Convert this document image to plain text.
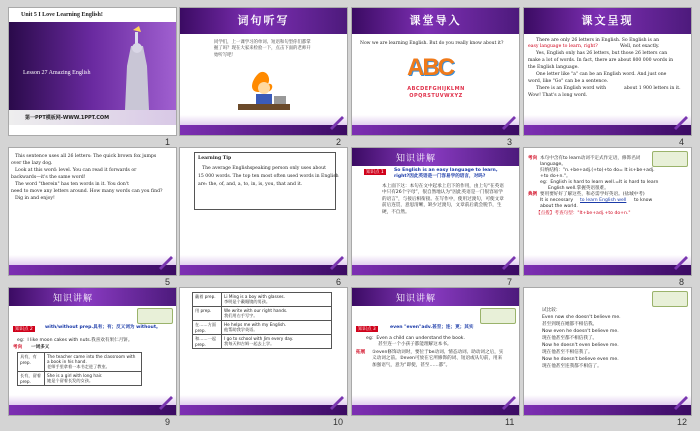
Unit 5 I Love Learning English!
Lesson 27 Amazing English
第一PPT模板网-WWW.1PPT.COM
1
词句听写
同学们，上一课学习的单词、短语和句型你们都掌握了吗？现在大家来检验一下，点击下面的老师开始听写吧！
2
课堂导入
Now we are learning English. But do you really know about it?
ABC
ABCDEFGHIJKLMN OPQRSTUVWXYZ
3
课文呈现
There are only 26 letters in English. So English is an
easy language to learn, right?	Well, not exactly.
Yes, English only has 26 letters, but those 26 letters can
make a lot of words. In fact, there are about 800 000 words in
the English language.
One letter like "a" can be an English word. And just one
word, like "Go" can be a sentence.
There is an English word with	about 1 900 letters in it.
Wow! That's a long word.
4
This sentence uses all 26 letters: The quick brown fox jumps
over the lazy dog.
Look at this word: level. You can read it forwards or
backwards—it's the same word!
The word "therein" has ten words in it. You don't
need to move any letters around. How many words can you find?
Dig in and enjoy!
5
Learning Tip
The average Englishspeaking person only uses about
15 000 words. The top ten most often used words in English
are: the, of, and, a, to, in, is, you, that and it.
6
知识讲解
知识点 1	So English is an easy language to learn, right?因此英语是一门容易学的语言，对吗?
本上面下这：本句在文中起承上启下的作用，由上句“在英语中只有26个字母”，很自然地认为“因此英语是一门很容易学的语言”，与接后相衔接。在写作中，使用过渡句，可使文章前后连贯，意思清晰，缺少过渡句，文章前后就会脱节，生硬，不自然。
7
考向 本句中含有to learn动词不定式作定语，修饰名词
language。
归纳结构："n.+be+adj.(+to)+to do= It is+be+adj.
+to do+n."。
eg：English is hard to learn well.=It is hard to learn
English well.掌握英语很难。
典例 要用要好好了解这些，和必需学好英语。(盐城中考)
It is necessary to learn English well to know
about the world.
【点拨】考查句型："It+be+adj.+to do+n."
8
知识讲解
知识点 2	with/without prep.具有；有；反义词为 without。
eg：I like moon cakes with nuts.我喜欢有果仁月饼。
考向 一词多义
具有，有 prep.	The teacher came into the classroom with a book in his hand.
老师手里拿着一本书走进了教室。
长有，留着 prep.	She is a girl with long hair.
她是个留着长发的女孩。
9
戴着 prep.	Li Ming is a boy with glasses.
李明是个戴眼镜的男孩。
用 prep.	We write with our right hands.
我们用右手写字。
在……方面 prep.	He helps me with my English.
他帮助我学英语。
和……一起 prep.	I go to school with Jim every day.
我每天和吉姆一起去上学。
10
知识讲解
知识点 3	even "even"adv.甚至；连；更；其实
eg：Even a child can understand the book.
甚至连一个小孩子都能理解这本书。
拓展 ①even修饰动词时，要位于be动词、情态动词、助动词之后，实义动词之前。②even可放在它所修饰的词、短语或从句前，用来加强语气，意为“即使，甚至……都”。
11
试比较：
Even now she doesn't believe me.
甚至到现在她都不相信我。
Now even he doesn't believe me.
现在他甚至都不相信我了。
Now he doesn't even believe me.
现在他甚至不相信我了。
Now he doesn't believe even me.
现在他甚至连我都不相信了。
12
